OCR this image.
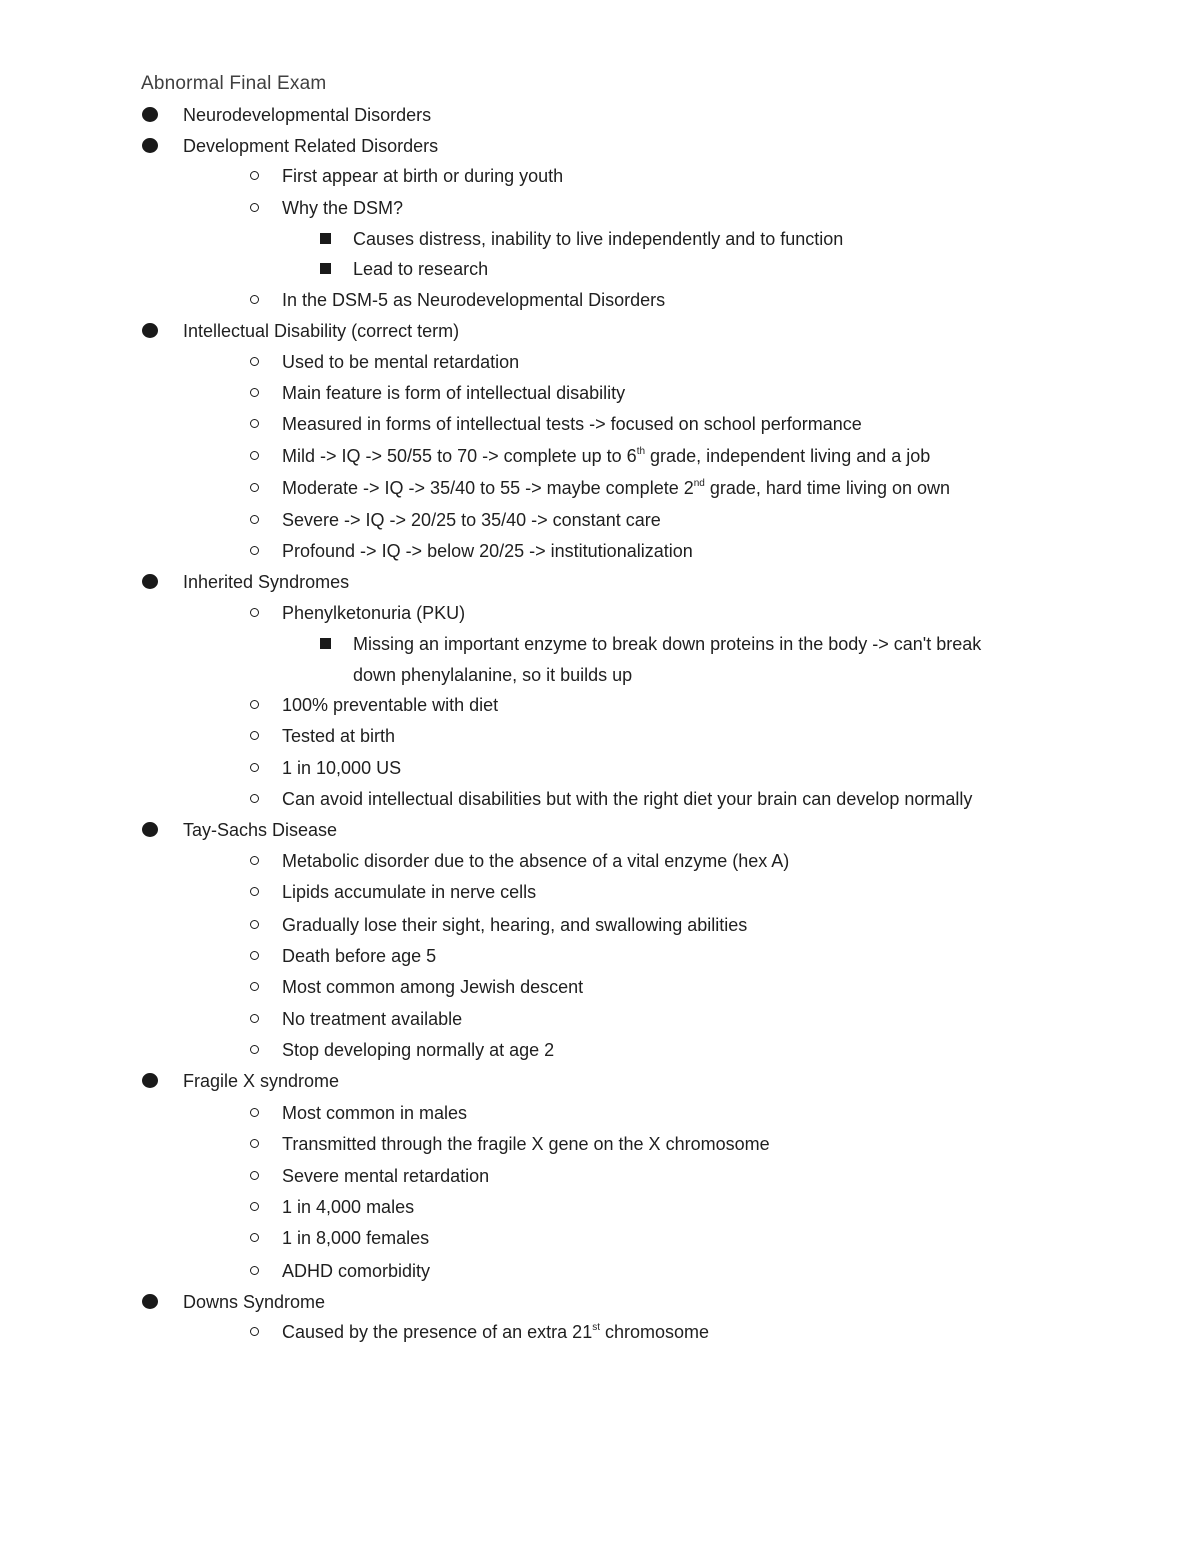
Abnormal Final Exam
Neurodevelopmental Disorders
Development Related Disorders
First appear at birth or during youth
Why the DSM?
Causes distress, inability to live independently and to function
Lead to research
In the DSM-5 as Neurodevelopmental Disorders
Intellectual Disability (correct term)
Used to be mental retardation
Main feature is form of intellectual disability
Measured in forms of intellectual tests -> focused on school performance
Mild -> IQ -> 50/55 to 70 -> complete up to 6th grade, independent living and a job
Moderate -> IQ -> 35/40 to 55 -> maybe complete 2nd grade, hard time living on own
Severe -> IQ -> 20/25 to 35/40 -> constant care
Profound -> IQ -> below 20/25 -> institutionalization
Inherited Syndromes
Phenylketonuria (PKU)
Missing an important enzyme to break down proteins in the body -> can't break
down phenylalanine, so it builds up
100% preventable with diet
Tested at birth
1 in 10,000 US
Can avoid intellectual disabilities but with the right diet your brain can develop normally
Tay-Sachs Disease
Metabolic disorder due to the absence of a vital enzyme (hex A)
Lipids accumulate in nerve cells
Gradually lose their sight, hearing, and swallowing abilities
Death before age 5
Most common among Jewish descent
No treatment available
Stop developing normally at age 2
Fragile X syndrome
Most common in males
Transmitted through the fragile X gene on the X chromosome
Severe mental retardation
1 in 4,000 males
1 in 8,000 females
ADHD comorbidity
Downs Syndrome
Caused by the presence of an extra 21st chromosome
